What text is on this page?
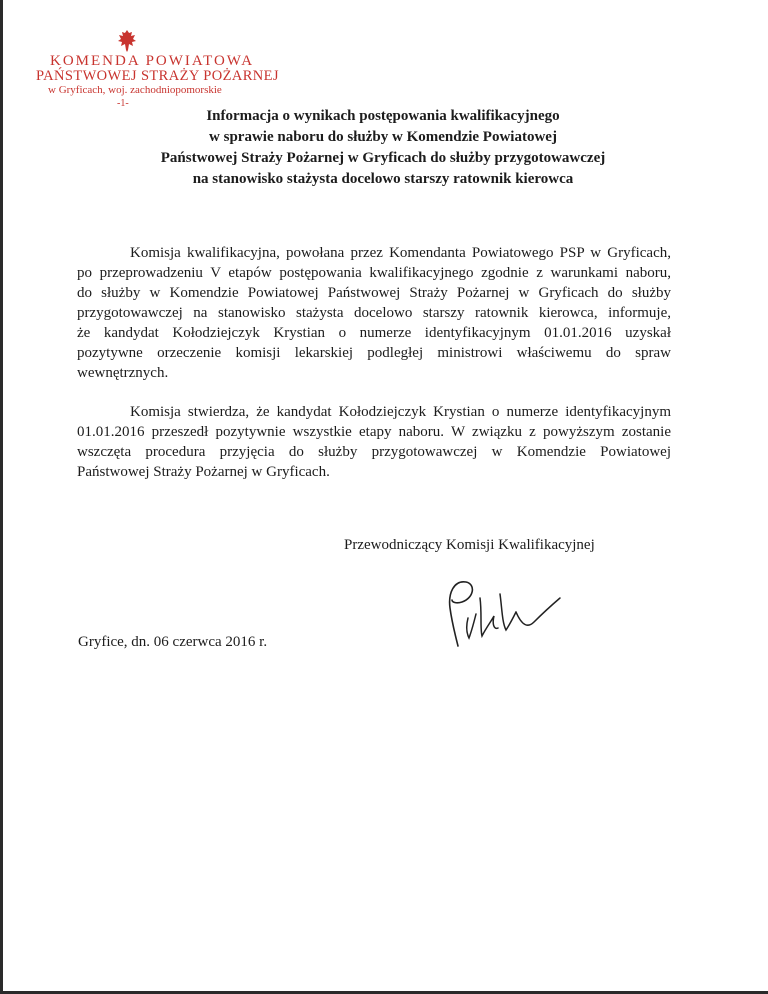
KOMENDA POWIATOWA
PAŃSTWOWEJ STRAŻY POŻARNEJ
w Gryficach, woj. zachodniopomorskie
-1-
Informacja o wynikach postępowania kwalifikacyjnego
w sprawie naboru do służby w Komendzie Powiatowej
Państwowej Straży Pożarnej w Gryficach do służby przygotowawczej
na stanowisko stażysta docelowo starszy ratownik kierowca
Komisja kwalifikacyjna, powołana przez Komendanta Powiatowego PSP w Gryficach,
po przeprowadzeniu V etapów postępowania kwalifikacyjnego zgodnie z warunkami naboru,
do służby w Komendzie Powiatowej Państwowej Straży Pożarnej w Gryficach do służby
przygotowawczej na stanowisko stażysta docelowo starszy ratownik kierowca, informuje,
że kandydat Kołodziejczyk Krystian o numerze identyfikacyjnym 01.01.2016 uzyskał
pozytywne orzeczenie komisji lekarskiej podległej ministrowi właściwemu do spraw
wewnętrznych.
Komisja stwierdza, że kandydat Kołodziejczyk Krystian o numerze identyfikacyjnym
01.01.2016 przeszedł pozytywnie wszystkie etapy naboru. W związku z powyższym zostanie
wszczęta procedura przyjęcia do służby przygotowawczej w Komendzie Powiatowej
Państwowej Straży Pożarnej w Gryficach.
Przewodniczący Komisji Kwalifikacyjnej
Gryfice, dn. 06 czerwca 2016 r.
